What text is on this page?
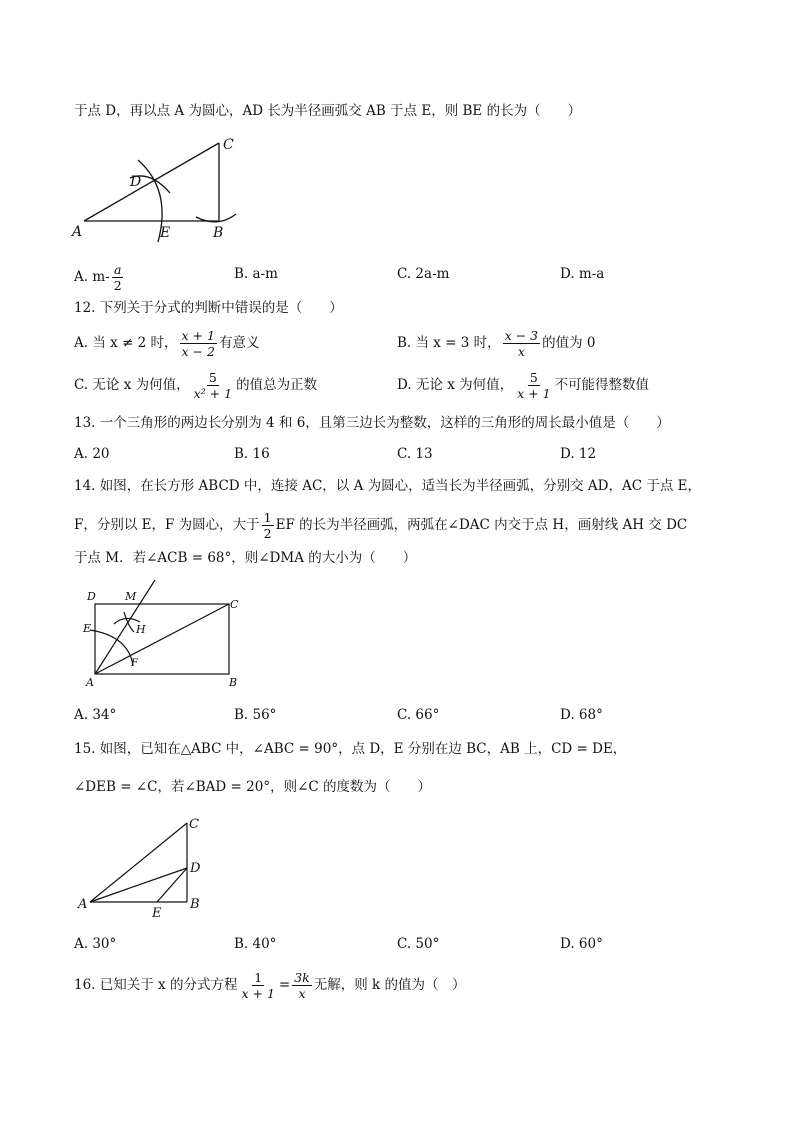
于点 D，再以点 A 为圆心，AD 长为半径画弧交 AB 于点 E，则 BE 的长为（　　）
C
D
A	E	B
A. $m- \frac{a}{2}$	B. a-m	C. 2a-m	D. m-a
12. 下列关于分式的判断中错误的是（　　）
A. 当 x ≠ 2 时， $\frac{x + 1}{x - 2}$ 有意义	B. 当 x = 3 时， $\frac{x - 3}{x}$ 的值为 0
C. 无论 x 为何值， $\frac{5}{\text{x² + 1}}$ 的值总为正数	D. 无论 x 为何值， $\frac{5}{x + 1}$ 不可能得整数值
13. 一个三角形的两边长分别为 4 和 6，且第三边长为整数，这样的三角形的周长最小值是（　　）
A. 20	B. 16	C. 13	D. 12
14. 如图，在长方形 ABCD 中，连接 AC，以 A 为圆心，适当长为半径画弧，分别交 AD，AC 于点 E，
F，分别以 E，F 为圆心，大于 $\frac{1}{2}$ EF 的长为半径画弧，两弧在∠DAC 内交于点 H，画射线 AH 交 DC
于点 M．若∠ACB = 68°，则∠DMA 的大小为（　　）
D	M
C
E	H
F
A	B
A. 34°	B. 56°	C. 66°	D. 68°
15. 如图，已知在△ABC 中，∠ABC = 90°，点 D，E 分别在边 BC，AB 上，CD = DE，
∠DEB = ∠C，若∠BAD = 20°，则∠C 的度数为（　　）
C
D
A	B
E
A. 30°	B. 40°	C. 50°	D. 60°
16. 已知关于 x 的分式方程 $\frac{1}{x + 1} = \frac{3k}{x}$ 无解，则 k 的值为（　）
